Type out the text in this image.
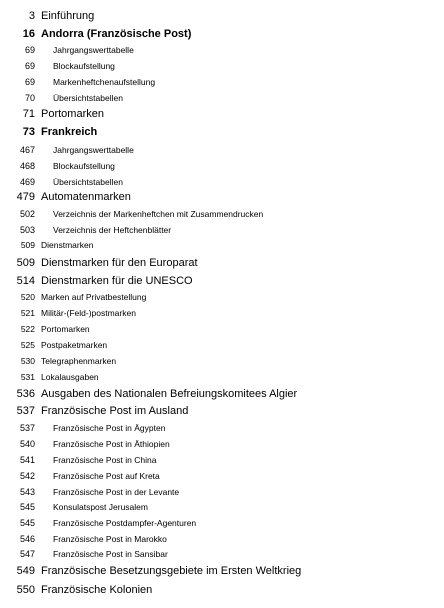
3 Einführung
16 Andorra (Französische Post)
69 Jahrgangswerttabelle
69 Blockaufstellung
69 Markenheftchenaufstellung
70 Übersichtstabellen
71 Portomarken
73 Frankreich
467 Jahrgangswerttabelle
468 Blockaufstellung
469 Übersichtstabellen
479 Automatenmarken
502 Verzeichnis der Markenheftchen mit Zusammendrucken
503 Verzeichnis der Heftchenblätter
509 Dienstmarken
509 Dienstmarken für den Europarat
514 Dienstmarken für die UNESCO
520 Marken auf Privatbestellung
521 Militär-(Feld-)postmarken
522 Portomarken
525 Postpaketmarken
530 Telegraphenmarken
531 Lokalausgaben
536 Ausgaben des Nationalen Befreiungskomitees Algier
537 Französische Post im Ausland
537 Französische Post in Ägypten
540 Französische Post in Äthiopien
541 Französische Post in China
542 Französische Post auf Kreta
543 Französische Post in der Levante
545 Konsulatspost Jerusalem
545 Französische Postdampfer-Agenturen
546 Französische Post in Marokko
547 Französische Post in Sansibar
549 Französische Besetzungsgebiete im Ersten Weltkrieg
550 Französische Kolonien
